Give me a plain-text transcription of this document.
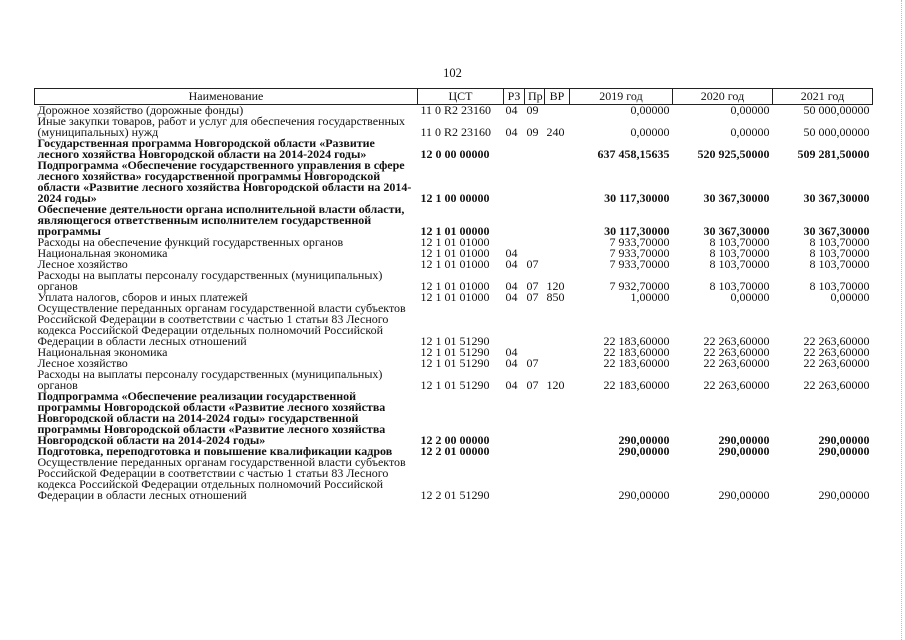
102
Наименование	ЦСТ	РЗ	Пр	ВР	2019 год	2020 год	2021 год
Дорожное хозяйство (дорожные фонды)	11 0 R2 23160	04	09		0,00000	0,00000	50 000,00000
Иные закупки товаров, работ и услуг для обеспечения государственных (муниципальных) нужд	11 0 R2 23160	04	09	240	0,00000	0,00000	50 000,00000
Государственная программа Новгородской области «Развитие лесного хозяйства Новгородской области на 2014-2024 годы»	12 0 00 00000				637 458,15635	520 925,50000	509 281,50000
Подпрограмма «Обеспечение государственного управления в сфере лесного хозяйства» государственной программы Новгородской области «Развитие лесного хозяйства Новгородской области на 2014-2024 годы»	12 1 00 00000				30 117,30000	30 367,30000	30 367,30000
Обеспечение деятельности органа исполнительной власти области, являющегося ответственным исполнителем государственной программы	12 1 01 00000				30 117,30000	30 367,30000	30 367,30000
Расходы на обеспечение функций государственных органов	12 1 01 01000				7 933,70000	8 103,70000	8 103,70000
Национальная экономика	12 1 01 01000	04			7 933,70000	8 103,70000	8 103,70000
Лесное хозяйство	12 1 01 01000	04	07		7 933,70000	8 103,70000	8 103,70000
Расходы на выплаты персоналу государственных (муниципальных) органов	12 1 01 01000	04	07	120	7 932,70000	8 103,70000	8 103,70000
Уплата налогов, сборов и иных платежей	12 1 01 01000	04	07	850	1,00000	0,00000	0,00000
Осуществление переданных органам государственной власти субъектов Российской Федерации в соответствии с частью 1 статьи 83 Лесного кодекса Российской Федерации отдельных полномочий Российской Федерации в области лесных отношений	12 1 01 51290				22 183,60000	22 263,60000	22 263,60000
Национальная экономика	12 1 01 51290	04			22 183,60000	22 263,60000	22 263,60000
Лесное хозяйство	12 1 01 51290	04	07		22 183,60000	22 263,60000	22 263,60000
Расходы на выплаты персоналу государственных (муниципальных) органов	12 1 01 51290	04	07	120	22 183,60000	22 263,60000	22 263,60000
Подпрограмма «Обеспечение реализации государственной программы Новгородской области «Развитие лесного хозяйства Новгородской области на 2014-2024 годы» государственной программы Новгородской области «Развитие лесного хозяйства Новгородской области на 2014-2024 годы»	12 2 00 00000				290,00000	290,00000	290,00000
Подготовка, переподготовка и повышение квалификации кадров	12 2 01 00000				290,00000	290,00000	290,00000
Осуществление переданных органам государственной власти субъектов Российской Федерации в соответствии с частью 1 статьи 83 Лесного кодекса Российской Федерации отдельных полномочий Российской Федерации в области лесных отношений	12 2 01 51290				290,00000	290,00000	290,00000
